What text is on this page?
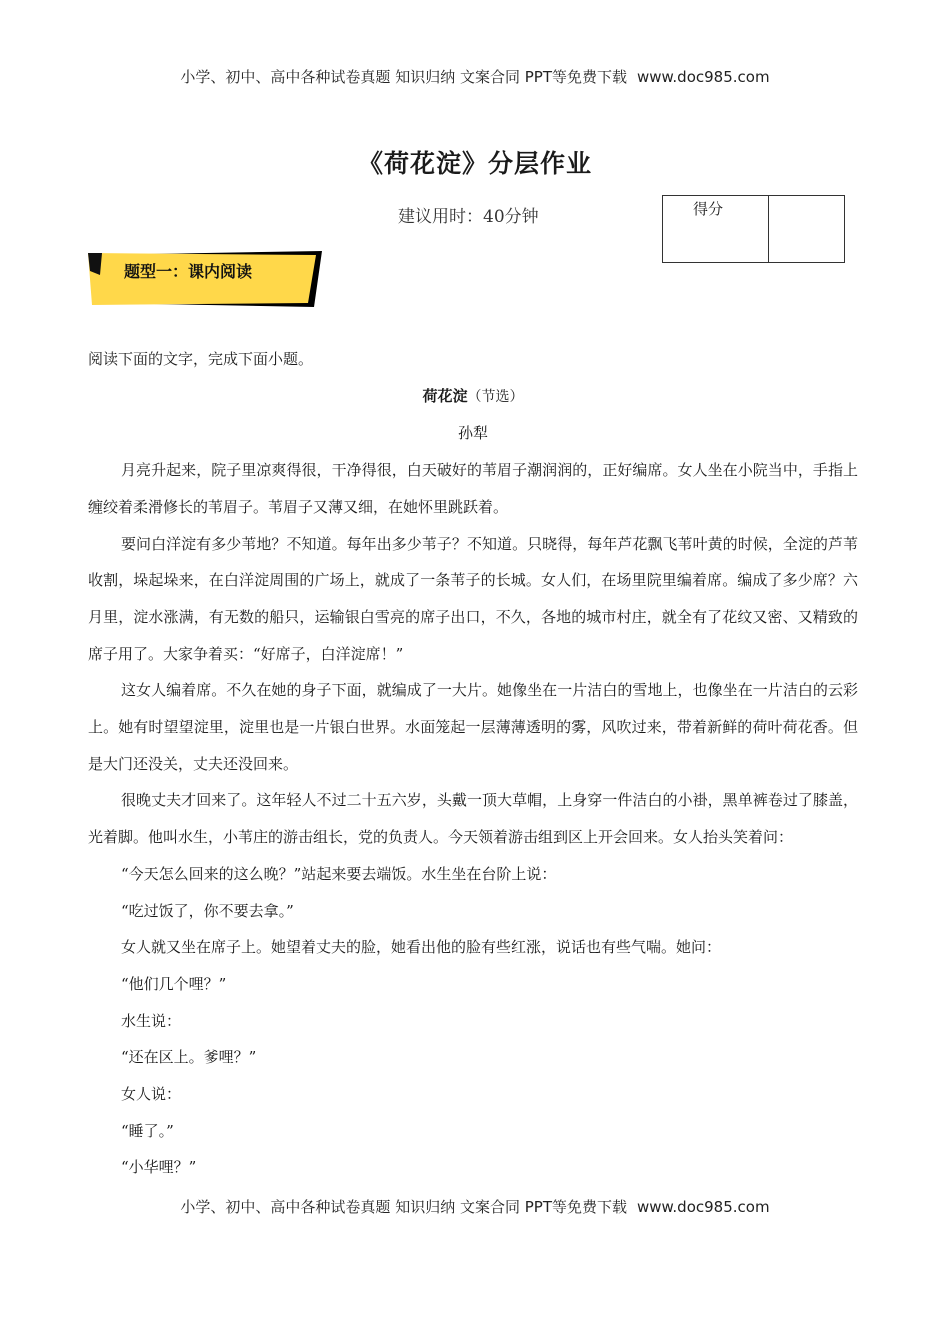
小学、初中、高中各种试卷真题 知识归纳 文案合同 PPT等免费下载 www.doc985.com
《荷花淀》分层作业
建议用时：40分钟	得分
题型一：课内阅读

阅读下面的文字，完成下面小题。

荷花淀（节选）

孙犁

月亮升起来，院子里凉爽得很，干净得很，白天破好的苇眉子潮润润的，正好编席。女人坐在小院当中，手指上缠绞着柔滑修长的苇眉子。苇眉子又薄又细，在她怀里跳跃着。

要问白洋淀有多少苇地？不知道。每年出多少苇子？不知道。只晓得，每年芦花飘飞苇叶黄的时候，全淀的芦苇收割，垛起垛来，在白洋淀周围的广场上，就成了一条苇子的长城。女人们，在场里院里编着席。编成了多少席？六月里，淀水涨满，有无数的船只，运输银白雪亮的席子出口，不久，各地的城市村庄，就全有了花纹又密、又精致的席子用了。大家争着买：“好席子，白洋淀席！”

这女人编着席。不久在她的身子下面，就编成了一大片。她像坐在一片洁白的雪地上，也像坐在一片洁白的云彩上。她有时望望淀里，淀里也是一片银白世界。水面笼起一层薄薄透明的雾，风吹过来，带着新鲜的荷叶荷花香。但是大门还没关，丈夫还没回来。

很晚丈夫才回来了。这年轻人不过二十五六岁，头戴一顶大草帽，上身穿一件洁白的小褂，黑单裤卷过了膝盖，光着脚。他叫水生，小苇庄的游击组长，党的负责人。今天领着游击组到区上开会回来。女人抬头笑着问：

“今天怎么回来的这么晚？”站起来要去端饭。水生坐在台阶上说：

“吃过饭了，你不要去拿。”

女人就又坐在席子上。她望着丈夫的脸，她看出他的脸有些红涨，说话也有些气喘。她问：

“他们几个哩？”

水生说：

“还在区上。爹哩？”

女人说：

“睡了。”

“小华哩？”

小学、初中、高中各种试卷真题 知识归纳 文案合同 PPT等免费下载 www.doc985.com
